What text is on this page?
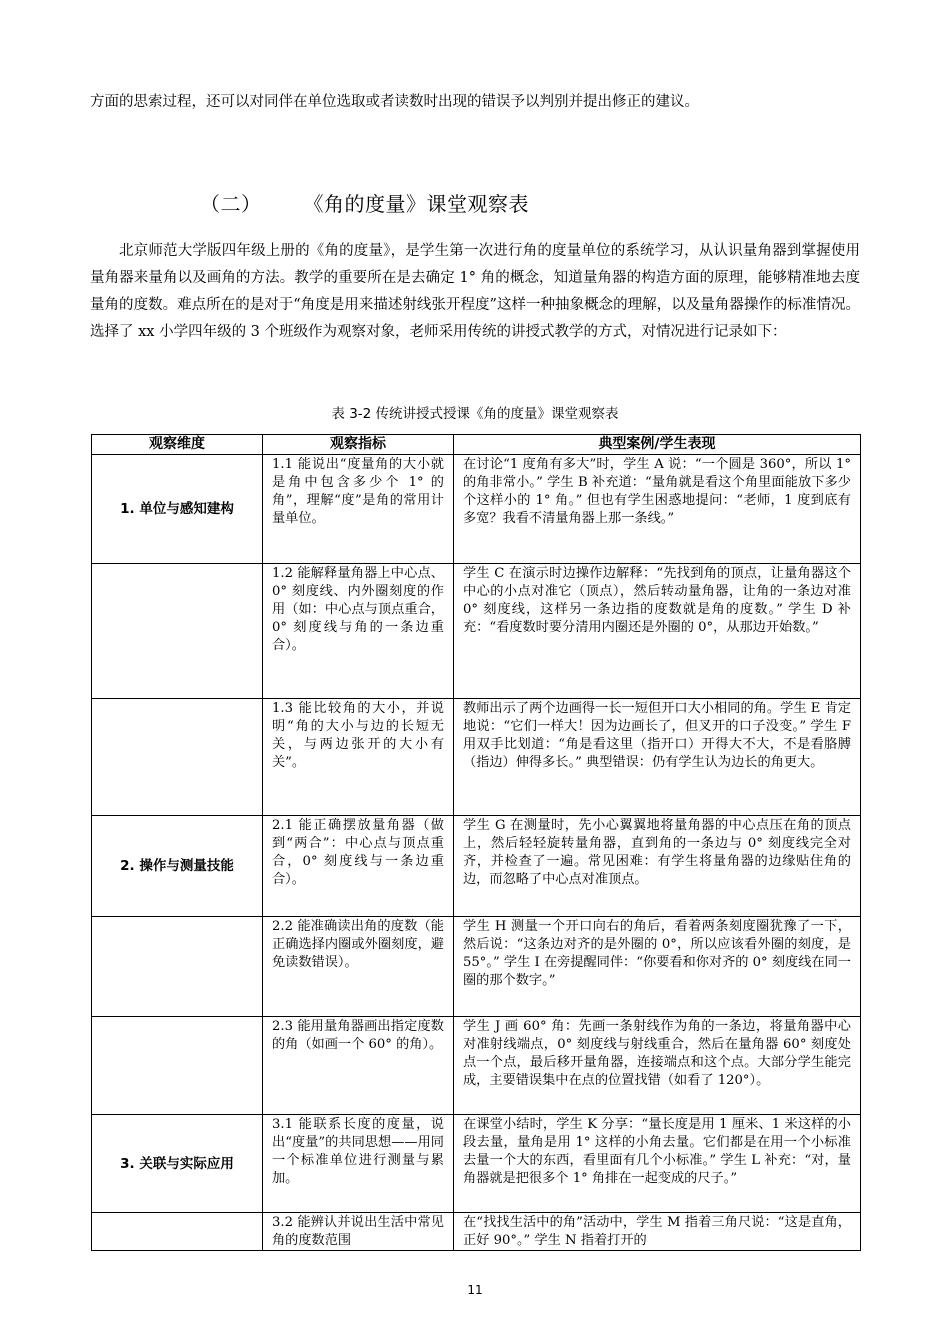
方面的思索过程，还可以对同伴在单位选取或者读数时出现的错误予以判别并提出修正的建议。

（二） 《角的度量》课堂观察表

北京师范大学版四年级上册的《角的度量》，是学生第一次进行角的度量单位的系统学习，从认识量角器到掌握使用量角器来量角以及画角的方法。教学的重要所在是去确定 1° 角的概念，知道量角器的构造方面的原理，能够精准地去度量角的度数。难点所在的是对于“角度是用来描述射线张开程度”这样一种抽象概念的理解，以及量角器操作的标准情况。选择了 xx 小学四年级的 3 个班级作为观察对象，老师采用传统的讲授式教学的方式，对情况进行记录如下：

表 3-2 传统讲授式授课《角的度量》课堂观察表

观察维度	观察指标	典型案例/学生表现
1. 单位与感知建构	1.1 能说出“度量角的大小就是角中包含多少个 1° 的角”，理解“度”是角的常用计量单位。	在讨论“1 度角有多大”时，学生 A 说：“一个圆是 360°，所以 1° 的角非常小。” 学生 B 补充道：“量角就是看这个角里面能放下多少个这样小的 1° 角。” 但也有学生困惑地提问：“老师，1 度到底有多宽？我看不清量角器上那一条线。”
	1.2 能解释量角器上中心点、0° 刻度线、内外圈刻度的作用（如：中心点与顶点重合，0° 刻度线与角的一条边重合）。	学生 C 在演示时边操作边解释：“先找到角的顶点，让量角器这个中心的小点对准它（顶点），然后转动量角器，让角的一条边对准 0° 刻度线，这样另一条边指的度数就是角的度数。” 学生 D 补充：“看度数时要分清用内圈还是外圈的 0°，从那边开始数。”
	1.3 能比较角的大小，并说明“角的大小与边的长短无关，与两边张开的大小有关”。	教师出示了两个边画得一长一短但开口大小相同的角。学生 E 肯定地说：“它们一样大！因为边画长了，但叉开的口子没变。” 学生 F 用双手比划道：“角是看这里（指开口）开得大不大，不是看胳膊（指边）伸得多长。” 典型错误：仍有学生认为边长的角更大。
2. 操作与测量技能	2.1 能正确摆放量角器（做到“两合”：中心点与顶点重合，0° 刻度线与一条边重合）。	学生 G 在测量时，先小心翼翼地将量角器的中心点压在角的顶点上，然后轻轻旋转量角器，直到角的一条边与 0° 刻度线完全对齐，并检查了一遍。常见困难：有学生将量角器的边缘贴住角的边，而忽略了中心点对准顶点。
	2.2 能准确读出角的度数（能正确选择内圈或外圈刻度，避免读数错误）。	学生 H 测量一个开口向右的角后，看着两条刻度圈犹豫了一下，然后说：“这条边对齐的是外圈的 0°，所以应该看外圈的刻度，是 55°。” 学生 I 在旁提醒同伴：“你要看和你对齐的 0° 刻度线在同一圈的那个数字。”
	2.3 能用量角器画出指定度数的角（如画一个 60° 的角）。	学生 J 画 60° 角：先画一条射线作为角的一条边，将量角器中心对准射线端点，0° 刻度线与射线重合，然后在量角器 60° 刻度处点一个点，最后移开量角器，连接端点和这个点。大部分学生能完成，主要错误集中在点的位置找错（如看了 120°）。
3. 关联与实际应用	3.1 能联系长度的度量，说出“度量”的共同思想——用同一个标准单位进行测量与累加。	在课堂小结时，学生 K 分享：“量长度是用 1 厘米、1 米这样的小段去量，量角是用 1° 这样的小角去量。它们都是在用一个小标准去量一个大的东西，看里面有几个小标准。” 学生 L 补充：“对，量角器就是把很多个 1° 角排在一起变成的尺子。”
	3.2 能辨认并说出生活中常见角的度数范围	在“找找生活中的角”活动中，学生 M 指着三角尺说：“这是直角，正好 90°。” 学生 N 指着打开的
11
